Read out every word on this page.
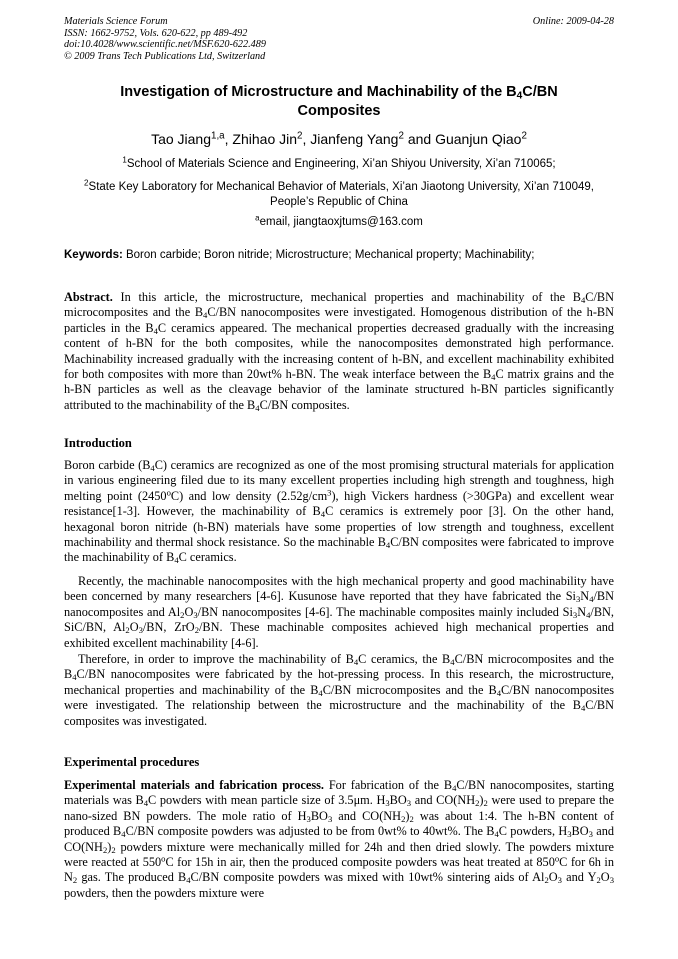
Materials Science Forum
ISSN: 1662-9752, Vols. 620-622, pp 489-492
doi:10.4028/www.scientific.net/MSF.620-622.489
© 2009 Trans Tech Publications Ltd, Switzerland
Online: 2009-04-28
Investigation of Microstructure and Machinability of the $B_4C/BN$
Composites
Tao Jiang$^{1,a}$, Zhihao Jin$^2$, Jianfeng Yang$^2$ and Guanjun Qiao$^2$
$^1$School of Materials Science and Engineering, Xi’an Shiyou University, Xi’an 710065;
$^2$State Key Laboratory for Mechanical Behavior of Materials, Xi’an Jiaotong University, Xi’an 710049,
People’s Republic of China
$^a$email, jiangtaoxjtums@163.com
Keywords: Boron carbide; Boron nitride; Microstructure; Mechanical property; Machinability;
Abstract. In this article, the microstructure, mechanical properties and machinability of the $B_4C/BN$ microcomposites and the $B_4C/BN$ nanocomposites were investigated. Homogenous distribution of the h-BN particles in the $B_4C$ ceramics appeared. The mechanical properties decreased gradually with the increasing content of h-BN for the both composites, while the nanocomposites demonstrated high performance. Machinability increased gradually with the increasing content of h-BN, and excellent machinability exhibited for both composites with more than 20wt% h-BN. The weak interface between the $B_4C$ matrix grains and the h-BN particles as well as the cleavage behavior of the laminate structured h-BN particles significantly attributed to the machinability of the $B_4C/BN$ composites.
Introduction
Boron carbide $(B_4C)$ ceramics are recognized as one of the most promising structural materials for application in various engineering filed due to its many excellent properties including high strength and toughness, high melting point (2450$^o$C) and low density $(2.52g/cm^3)$, high Vickers hardness (>30GPa) and excellent wear resistance[1-3]. However, the machinability of $B_4C$ ceramics is extremely poor [3]. On the other hand, hexagonal boron nitride (h-BN) materials have some properties of low strength and toughness, excellent machinability and thermal shock resistance. So the machinable $B_4C/BN$ composites were fabricated to improve the machinability of $B_4C$ ceramics.
Recently, the machinable nanocomposites with the high mechanical property and good machinability have been concerned by many researchers [4-6]. Kusunose have reported that they have fabricated the $Si_3N_4/BN$ nanocomposites and $Al_2O_3/BN$ nanocomposites [4-6]. The machinable composites mainly included $Si_3N_4/BN$, SiC/BN, $Al_2O_3/BN$, ZrO$_2$/BN. These machinable composites achieved high mechanical properties and exhibited excellent machinability [4-6].
Therefore, in order to improve the machinability of $B_4C$ ceramics, the $B_4C/BN$ microcomposites and the $B_4C/BN$ nanocomposites were fabricated by the hot-pressing process. In this research, the microstructure, mechanical properties and machinability of the $B_4C/BN$ microcomposites and the $B_4C/BN$ nanocomposites were investigated. The relationship between the microstructure and the machinability of the $B_4C/BN$ composites was investigated.
Experimental procedures
Experimental materials and fabrication process. For fabrication of the $B_4C/BN$ nanocomposites, starting materials was $B_4C$ powders with mean particle size of 3.5μm. $H_3BO_3$ and $CO(NH_2)_2$ were used to prepare the nano-sized BN powders. The mole ratio of $H_3BO_3$ and $CO(NH_2)_2$ was about 1:4. The h-BN content of produced $B_4C/BN$ composite powders was adjusted to be from 0wt% to 40wt%. The $B_4C$ powders, $H_3BO_3$ and $CO(NH_2)_2$ powders mixture were mechanically milled for 24h and then dried slowly. The powders mixture were reacted at 550$^o$C for 15h in air, then the produced composite powders was heat treated at 850$^o$C for 6h in $N_2$ gas. The produced $B_4C/BN$ composite powders was mixed with 10wt% sintering aids of $Al_2O_3$ and $Y_2O_3$ powders, then the powders mixture were
